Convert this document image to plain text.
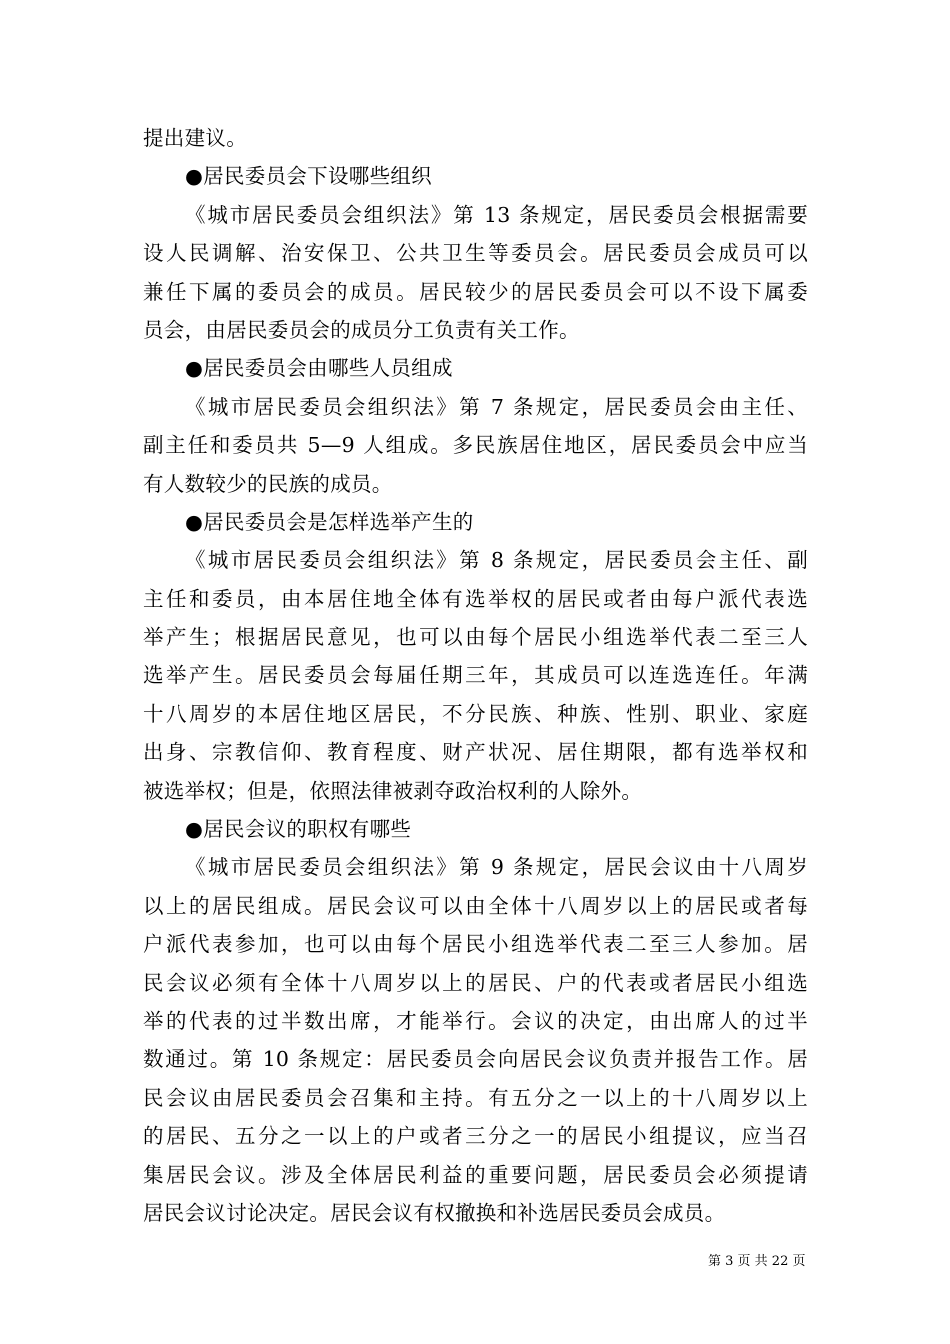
提出建议。
●居民委员会下设哪些组织
《城市居民委员会组织法》第 13 条规定，居民委员会根据需要
设人民调解、治安保卫、公共卫生等委员会。居民委员会成员可以
兼任下属的委员会的成员。居民较少的居民委员会可以不设下属委
员会，由居民委员会的成员分工负责有关工作。
●居民委员会由哪些人员组成
《城市居民委员会组织法》第 7 条规定，居民委员会由主任、
副主任和委员共 5—9 人组成。多民族居住地区，居民委员会中应当
有人数较少的民族的成员。
●居民委员会是怎样选举产生的
《城市居民委员会组织法》第 8 条规定，居民委员会主任、副
主任和委员，由本居住地全体有选举权的居民或者由每户派代表选
举产生；根据居民意见，也可以由每个居民小组选举代表二至三人
选举产生。居民委员会每届任期三年，其成员可以连选连任。年满
十八周岁的本居住地区居民，不分民族、种族、性别、职业、家庭
出身、宗教信仰、教育程度、财产状况、居住期限，都有选举权和
被选举权；但是，依照法律被剥夺政治权利的人除外。
●居民会议的职权有哪些
《城市居民委员会组织法》第 9 条规定，居民会议由十八周岁
以上的居民组成。居民会议可以由全体十八周岁以上的居民或者每
户派代表参加，也可以由每个居民小组选举代表二至三人参加。居
民会议必须有全体十八周岁以上的居民、户的代表或者居民小组选
举的代表的过半数出席，才能举行。会议的决定，由出席人的过半
数通过。第 10 条规定：居民委员会向居民会议负责并报告工作。居
民会议由居民委员会召集和主持。有五分之一以上的十八周岁以上
的居民、五分之一以上的户或者三分之一的居民小组提议，应当召
集居民会议。涉及全体居民利益的重要问题，居民委员会必须提请
居民会议讨论决定。居民会议有权撤换和补选居民委员会成员。
第 3 页 共 22 页
